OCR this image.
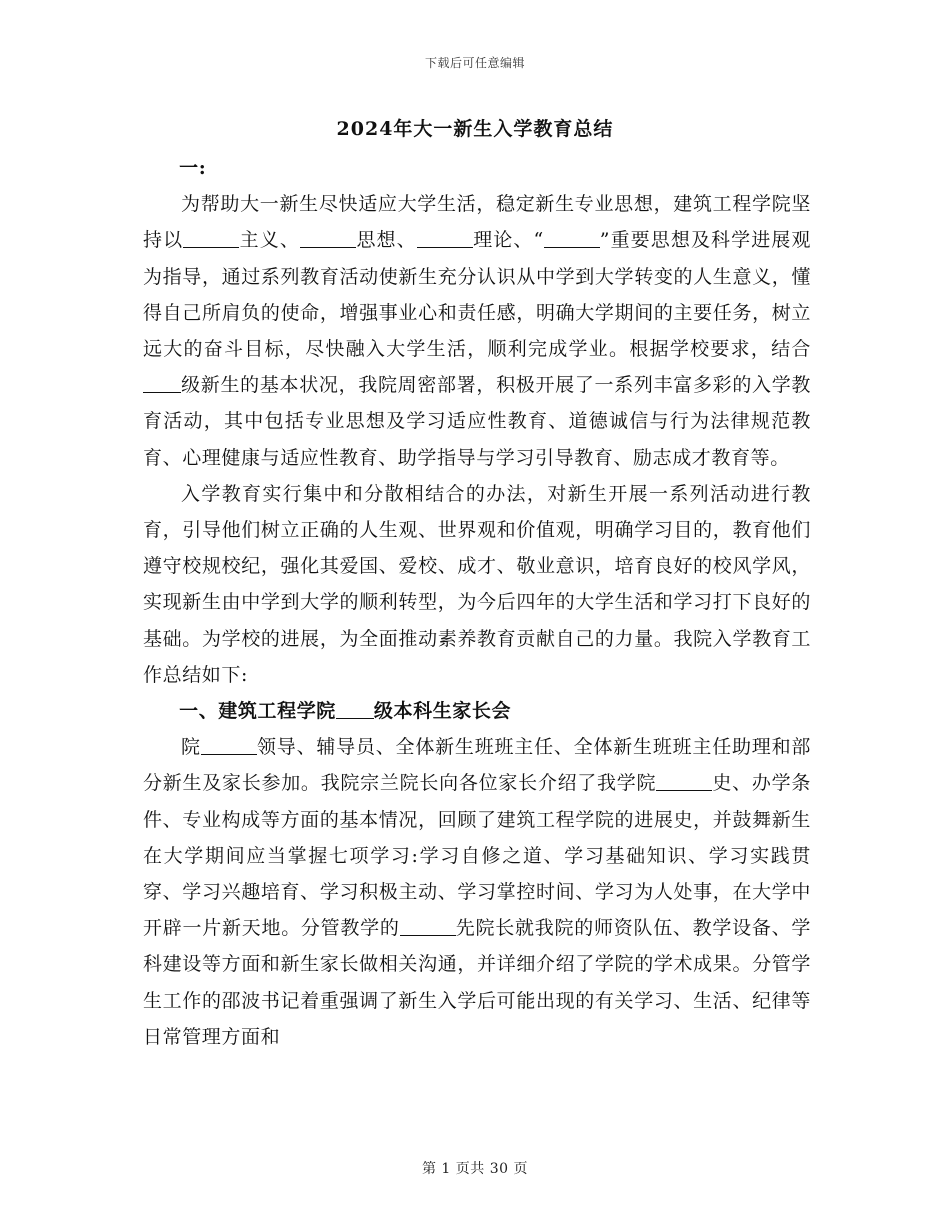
下载后可任意编辑
2024年大一新生入学教育总结

一:

为帮助大一新生尽快适应大学生活，稳定新生专业思想，建筑工程学院坚持以	主义、	思想、	理论、“	”重要思想及科学进展观为指导，通过系列教育活动使新生充分认识从中学到大学转变的人生意义，懂得自己所肩负的使命，增强事业心和责任感，明确大学期间的主要任务，树立远大的奋斗目标，尽快融入大学生活，顺利完成学业。根据学校要求，结合级新生的基本状况，我院周密部署，积极开展了一系列丰富多彩的入学教育活动，其中包括专业思想及学习适应性教育、道德诚信与行为法律规范教育、心理健康与适应性教育、助学指导与学习引导教育、励志成才教育等。

入学教育实行集中和分散相结合的办法，对新生开展一系列活动进行教育，引导他们树立正确的人生观、世界观和价值观，明确学习目的，教育他们遵守校规校纪，强化其爱国、爱校、成才、敬业意识，培育良好的校风学风，实现新生由中学到大学的顺利转型，为今后四年的大学生活和学习打下良好的基础。为学校的进展，为全面推动素养教育贡献自己的力量。我院入学教育工作总结如下:

一、建筑工程学院 级本科生家长会

院	领导、辅导员、全体新生班班主任、全体新生班班主任助理和部分新生及家长参加。我院宗兰院长向各位家长介绍了我学院	史、办学条件、专业构成等方面的基本情况，回顾了建筑工程学院的进展史，并鼓舞新生在大学期间应当掌握七项学习:学习自修之道、学习基础知识、学习实践贯穿、学习兴趣培育、学习积极主动、学习掌控时间、学习为人处事，在大学中开辟一片新天地。分管教学的	先院长就我院的师资队伍、教学设备、学科建设等方面和新生家长做相关沟通，并详细介绍了学院的学术成果。分管学生工作的邵波书记着重强调了新生入学后可能出现的有关学习、生活、纪律等日常管理方面和

第 1 页共 30 页
